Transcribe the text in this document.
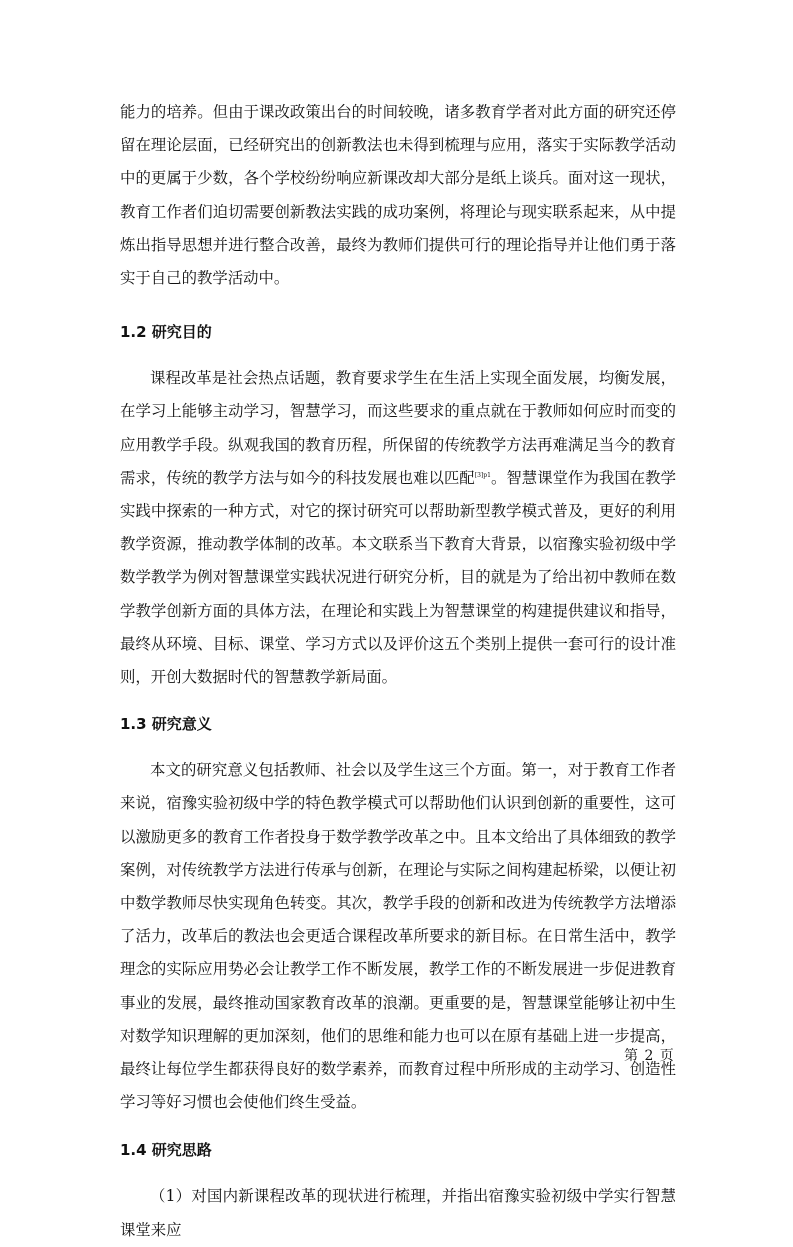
能力的培养。但由于课改政策出台的时间较晚，诸多教育学者对此方面的研究还停留在理论层面，已经研究出的创新教法也未得到梳理与应用，落实于实际教学活动中的更属于少数，各个学校纷纷响应新课改却大部分是纸上谈兵。面对这一现状，教育工作者们迫切需要创新教法实践的成功案例，将理论与现实联系起来，从中提炼出指导思想并进行整合改善，最终为教师们提供可行的理论指导并让他们勇于落实于自己的教学活动中。

1.2 研究目的

课程改革是社会热点话题，教育要求学生在生活上实现全面发展，均衡发展，在学习上能够主动学习，智慧学习，而这些要求的重点就在于教师如何应时而变的应用教学手段。纵观我国的教育历程，所保留的传统教学方法再难满足当今的教育需求，传统的教学方法与如今的科技发展也难以匹配$^{[3]p1}$。智慧课堂作为我国在教学实践中探索的一种方式，对它的探讨研究可以帮助新型教学模式普及，更好的利用教学资源，推动教学体制的改革。本文联系当下教育大背景，以宿豫实验初级中学数学教学为例对智慧课堂实践状况进行研究分析，目的就是为了给出初中教师在数学教学创新方面的具体方法，在理论和实践上为智慧课堂的构建提供建议和指导，最终从环境、目标、课堂、学习方式以及评价这五个类别上提供一套可行的设计准则，开创大数据时代的智慧教学新局面。

1.3 研究意义

本文的研究意义包括教师、社会以及学生这三个方面。第一，对于教育工作者来说，宿豫实验初级中学的特色教学模式可以帮助他们认识到创新的重要性，这可以激励更多的教育工作者投身于数学教学改革之中。且本文给出了具体细致的教学案例，对传统教学方法进行传承与创新，在理论与实际之间构建起桥梁，以便让初中数学教师尽快实现角色转变。其次，教学手段的创新和改进为传统教学方法增添了活力，改革后的教法也会更适合课程改革所要求的新目标。在日常生活中，教学理念的实际应用势必会让教学工作不断发展，教学工作的不断发展进一步促进教育事业的发展，最终推动国家教育改革的浪潮。更重要的是，智慧课堂能够让初中生对数学知识理解的更加深刻，他们的思维和能力也可以在原有基础上进一步提高，最终让每位学生都获得良好的数学素养，而教育过程中所形成的主动学习、创造性学习等好习惯也会使他们终生受益。

1.4 研究思路

（1）对国内新课程改革的现状进行梳理，并指出宿豫实验初级中学实行智慧课堂来应

第 2 页
